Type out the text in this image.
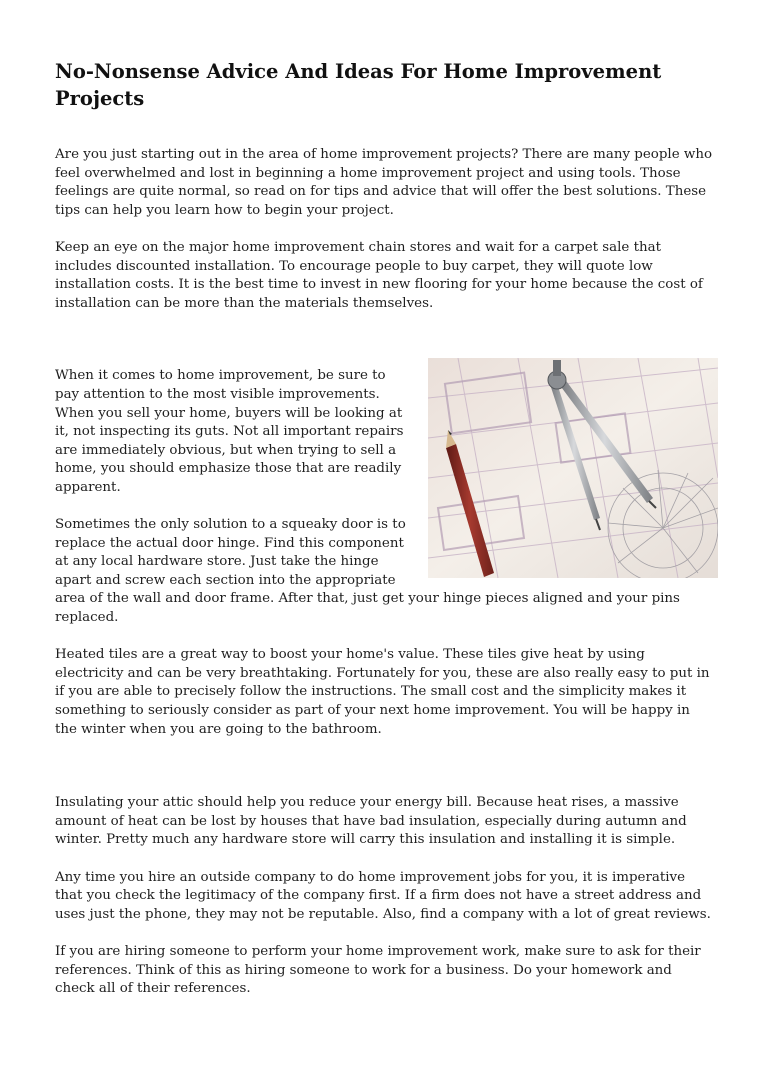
No-Nonsense Advice And Ideas For Home Improvement Projects

Are you just starting out in the area of home improvement projects? There are many people who feel overwhelmed and lost in beginning a home improvement project and using tools. Those feelings are quite normal, so read on for tips and advice that will offer the best solutions. These tips can help you learn how to begin your project.

Keep an eye on the major home improvement chain stores and wait for a carpet sale that includes discounted installation. To encourage people to buy carpet, they will quote low installation costs. It is the best time to invest in new flooring for your home because the cost of installation can be more than the materials themselves.

When it comes to home improvement, be sure to pay attention to the most visible improvements. When you sell your home, buyers will be looking at it, not inspecting its guts. Not all important repairs are immediately obvious, but when trying to sell a home, you should emphasize those that are readily apparent.

Sometimes the only solution to a squeaky door is to replace the actual door hinge. Find this component at any local hardware store. Just take the hinge apart and screw each section into the appropriate area of the wall and door frame. After that, just get your hinge pieces aligned and your pins replaced.

Heated tiles are a great way to boost your home's value. These tiles give heat by using electricity and can be very breathtaking. Fortunately for you, these are also really easy to put in if you are able to precisely follow the instructions. The small cost and the simplicity makes it something to seriously consider as part of your next home improvement. You will be happy in the winter when you are going to the bathroom.

Insulating your attic should help you reduce your energy bill. Because heat rises, a massive amount of heat can be lost by houses that have bad insulation, especially during autumn and winter. Pretty much any hardware store will carry this insulation and installing it is simple.

Any time you hire an outside company to do home improvement jobs for you, it is imperative that you check the legitimacy of the company first. If a firm does not have a street address and uses just the phone, they may not be reputable. Also, find a company with a lot of great reviews.

If you are hiring someone to perform your home improvement work, make sure to ask for their references. Think of this as hiring someone to work for a business. Do your homework and check all of their references.
